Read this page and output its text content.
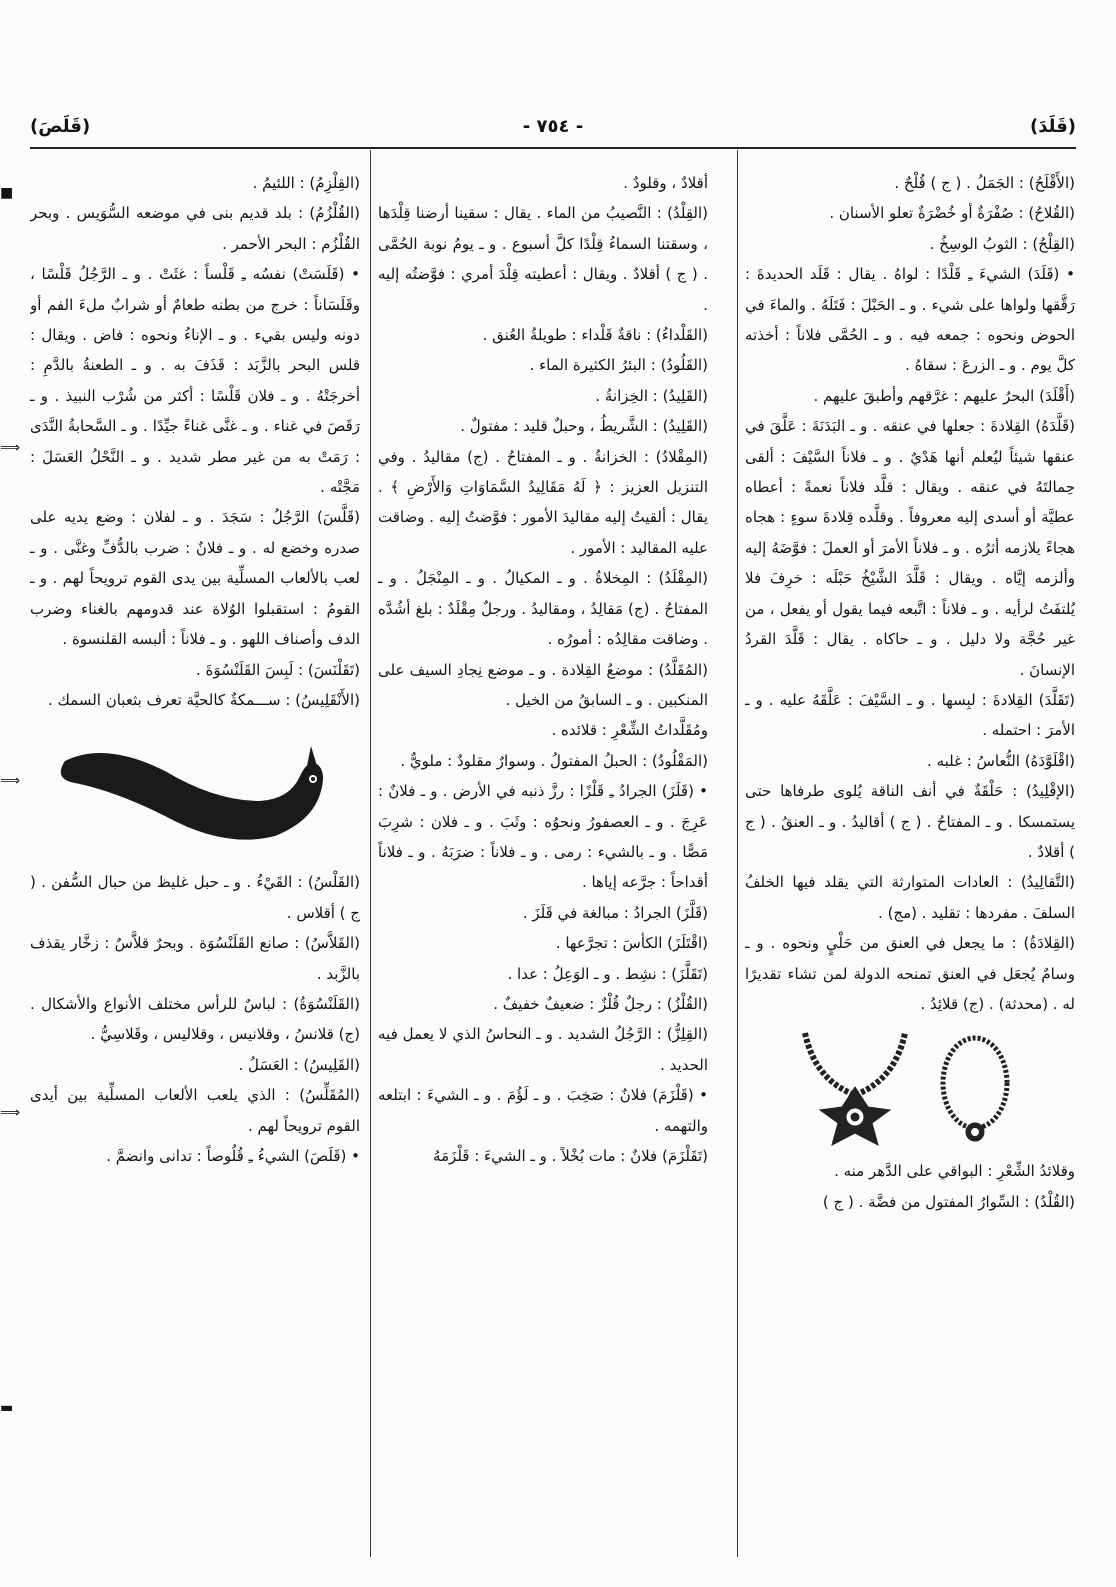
(قَلَدَ)
- ٧٥٤ -
(قَلَصَ)
■
⟹
⟹
⟹
▬

(الأَقْلَحُ) : الجَمَلُ . ( ج ) قُلْحٌ .

(القُلاحُ) : صُفْرَةٌ أو خُضْرَةٌ تعلو الأسنان .

(القِلْحُ) : الثوبُ الوسِخُ .

• (قَلَدَ) الشيءَ ـِ قَلْدًا : لواهُ . يقال : قَلَد الحديدةَ : رَقَّقها ولواها على شيء . و ـ الحَبْلَ : فَتَلَهُ . والماءَ في الحوض ونحوه : جمعه فيه . و ـ الحُمَّى فلاناً : أخذته كلَّ يوم . و ـ الزرعَ : سقاهُ .

(أَقْلَدَ) البحرُ عليهم : غرَّقهم وأطبقَ عليهم .

(قَلَّدَهُ) القِلادةَ : جعلها في عنقه . و ـ البَدَنَةَ : عَلَّقَ في عنقها شيئاً ليُعلم أنها هَدْيٌ . و ـ فلاناً السَّيْفَ : ألقى حِمالتَهُ في عنقه . ويقال : قلَّد فلاناً نعمةً : أعطاه عطيَّة أو أسدى إليه معروفاً . وقلَّده قِلادةَ سوءٍ : هجاه هجاءً يلازمه أثرُه . و ـ فلاناً الأمرَ أو العملَ : فوَّضَهُ إليه وألزمه إيَّاه . ويقال : قَلَّدَ الشَّيْخُ حَبْلَه : خرِفَ فلا يُلتفَتُ لرأيه . و ـ فلاناً : اتَّبعه فيما يقول أو يفعل ، من غير حُجَّة ولا دليل . و ـ حاكاه . يقال : قَلَّدَ القردُ الإنسانَ .

(تَقَلَّدَ) القِلادةَ : لبِسها . و ـ السَّيْفَ : عَلَّقَهُ عليه . و ـ الأمرَ : احتمله .

(اقْلَوَّدَهُ) النُّعاسُ : غلبه .

(الإقْلِيدُ) : حَلْقَةٌ في أنف الناقة يُلوى طرفاها حتى يستمسكا . و ـ المفتاحُ . ( ج ) أقاليدُ . و ـ العنقُ . ( ج ) أقلادٌ .

(التَّقالِيدُ) : العادات المتوارثة التي يقلد فيها الخلفُ السلفَ . مفردها : تقليد . (مج) .

(القِلادَةُ) : ما يجعل في العنق من حَلْيٍ ونحوه . و ـ وسامٌ يُجعَل في العنق تمنحه الدولة لمن تشاء تقديرًا له . (محدثة) . (ج) قلائِدُ .

وقلائدُ الشِّعْرِ : البواقي على الدَّهر منه .

(القُلْدُ) : السِّوارُ المفتول من فضَّة . ( ج )

أقلادٌ ، وقلودٌ .

(القِلْدُ) : النَّصيبُ من الماء . يقال : سقينا أرضنا قِلْدَها ، وسقتنا السماءُ قِلْدًا كلَّ أسبوع . و ـ يومُ نوبة الحُمَّى . ( ج ) أقلادٌ . ويقال : أعطيته قِلْدَ أمري : فوَّضتُه إليه .

(القَلْداءُ) : ناقةٌ قَلْداء : طويلةُ العُنق .

(القَلُودُ) : البئرُ الكثيرة الماء .

(القَلِيدُ) : الخِزانةُ .

(القَلِيدُ) : الشَّريطُ ، وحبلٌ قليد : مفتولٌ .

(المِقْلادُ) : الخزانةُ . و ـ المفتاحُ . (ج) مقاليدُ . وفي التنزيل العزيز : ﴿ لَهُ مَقَالِيدُ السَّمَاوَاتِ وَالأَرْضِ ﴾ . يقال : ألقيتُ إليه مقاليدَ الأمور : فوَّضتُ إليه . وضاقت عليه المقاليد : الأمور .

(المِقْلَدُ) : المِخلاةُ . و ـ المكيالُ . و ـ المِنْجَلُ . و ـ المفتاحُ . (ج) مَقالِدُ ، ومقاليدُ . ورجلٌ مِقْلَدٌ : بلغ أشُدَّه . وضاقت مقالِدُه : أمورُه .

(المُقَلَّدُ) : موضعُ القِلادة . و ـ موضع نِجادِ السيف على المنكبين . و ـ السابقُ من الخيل .

ومُقَلَّداتُ الشِّعْرِ : قلائده .

(المَقْلُودُ) : الحبلُ المفتولُ . وسوارٌ مقلودٌ : ملويٌّ .

• (قَلَزَ) الجرادُ ـِ قَلْزًا : رزَّ ذنبه في الأرض . و ـ فلانٌ : عَرِجَ . و ـ العصفورُ ونحوُه : وثَبَ . و ـ فلان : شرِبَ مَصًّا . و ـ بالشيء : رمى . و ـ فلاناً : ضرَبَهُ . و ـ فلاناً أقداحاً : جرَّعه إياها .

(قَلَّزَ) الجرادُ : مبالغة في قَلَزَ .

(اقْتَلَزَ) الكأسَ : تجرَّعها .

(تَقَلَّزَ) : نشِط . و ـ الوَعِلُ : عدا .

(القُلْزُ) : رجلٌ قُلْزٌ : ضعيفٌ خفيفٌ .

(القِلِزُّ) : الرَّجُلُ الشديد . و ـ النحاسُ الذي لا يعمل فيه الحديد .

• (قَلْزَمَ) فلانٌ : صَخِبَ . و ـ لَؤُمَ . و ـ الشيءَ : ابتلعه والتهمه .

(تَقَلْزَمَ) فلانٌ : مات بُخْلاً . و ـ الشيءَ : قَلْزَمَهُ

(القِلْزِمُ) : اللئيمُ .

(القُلْزُمُ) : بلد قديم بنى في موضعه السُّوَيس . وبحر القُلْزُم : البحر الأحمر .

• (قَلَسَتْ) نفسُه ـِ قَلْساً : غثَتْ . و ـ الرَّجُلُ قَلْسًا ، وقَلَسَاناً : خرج من بطنه طعامٌ أو شرابٌ ملءَ الفم أو دونه وليس بقيء . و ـ الإناءُ ونحوه : فاض . ويقال : قلس البحر بالزَّبَد : قَذَفَ به . و ـ الطعنةُ بالدَّمِ : أخرجَتْهُ . و ـ فلان قَلْسًا : أكثر من شُرْب النبيذ . و ـ رَقَصَ في غناء . و ـ غنَّى غناءً جيِّدًا . و ـ السَّحابةُ النَّدَى : رَمَتْ به من غير مطر شديد . و ـ النَّحْلُ العَسَلَ : مَجَّتْه .

(قَلَّسَ) الرَّجُلُ : سَجَدَ . و ـ لفلان : وضع يديه على صدره وخضع له . و ـ فلانٌ : ضرب بالدُّفِّ وغنَّى . و ـ لعب بالألعاب المسلِّية بين يدى القوم ترويحاً لهم . و ـ القومُ : استقبلوا الوُلاة عند قدومهم بالغناء وضرب الدف وأصناف اللهو . و ـ فلاناً : ألبسه القلنسوة .

(تَقَلْنَسَ) : لَبِسَ القَلَنْسُوَةَ .

(الأَنْقَلِيسُ) : ســـمكةٌ كالحيَّة تعرف بثعبان السمك .

(القَلْسُ) : القَيْءُ . و ـ حبل غليظ من حبال السُّفن . ( ج ) أقلاس .

(القَلاَّسُ) : صانع القَلَنْسُوَة . وبحرٌ قلاَّسٌ : زخَّار يقذف بالزَّبد .

(القَلَنْسُوَةُ) : لباسٌ للرأس مختلف الأنواع والأشكال . (ج) قلانسُ ، وقلانيس ، وقلاليس ، وقَلاسِيُّ .

(القَلِيسُ) : العَسَلُ .

(المُقَلِّسُ) : الذي يلعب الألعاب المسلِّية بين أيدى القوم ترويحاً لهم .

• (قَلَصَ) الشيءُ ـِ قُلُوصاً : تدانى وانضمَّ .
